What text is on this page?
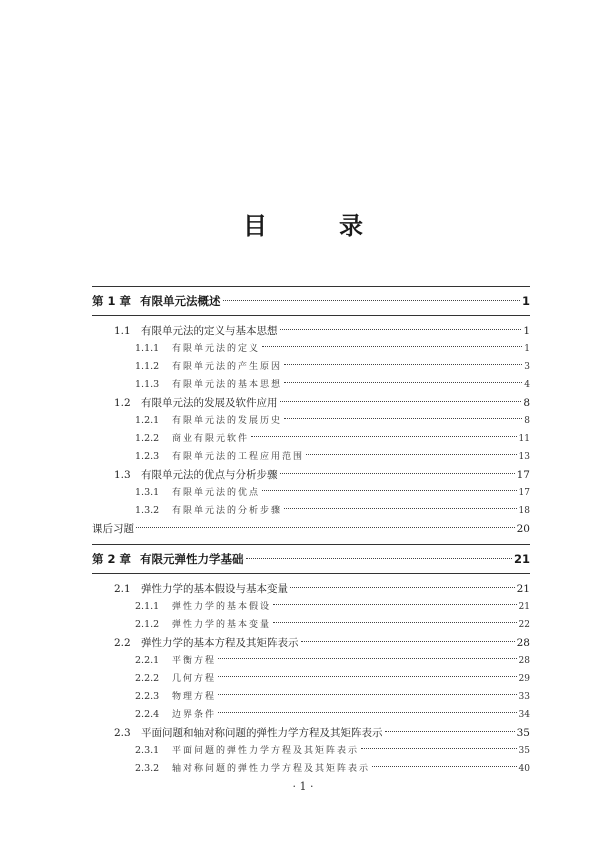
目　录
第 1 章 有限单元法概述	1
1.1 有限单元法的定义与基本思想	1
1.1.1	有限单元法的定义	1
1.1.2	有限单元法的产生原因	3
1.1.3	有限单元法的基本思想	4
1.2 有限单元法的发展及软件应用	8
1.2.1	有限单元法的发展历史	8
1.2.2	商业有限元软件	11
1.2.3	有限单元法的工程应用范围	13
1.3 有限单元法的优点与分析步骤	17
1.3.1	有限单元法的优点	17
1.3.2	有限单元法的分析步骤	18
课后习题	20
第 2 章 有限元弹性力学基础	21
2.1 弹性力学的基本假设与基本变量	21
2.1.1	弹性力学的基本假设	21
2.1.2	弹性力学的基本变量	22
2.2 弹性力学的基本方程及其矩阵表示	28
2.2.1	平衡方程	28
2.2.2	几何方程	29
2.2.3	物理方程	33
2.2.4	边界条件	34
2.3 平面问题和轴对称问题的弹性力学方程及其矩阵表示	35
2.3.1	平面问题的弹性力学方程及其矩阵表示	35
2.3.2	轴对称问题的弹性力学方程及其矩阵表示	40
· 1 ·
